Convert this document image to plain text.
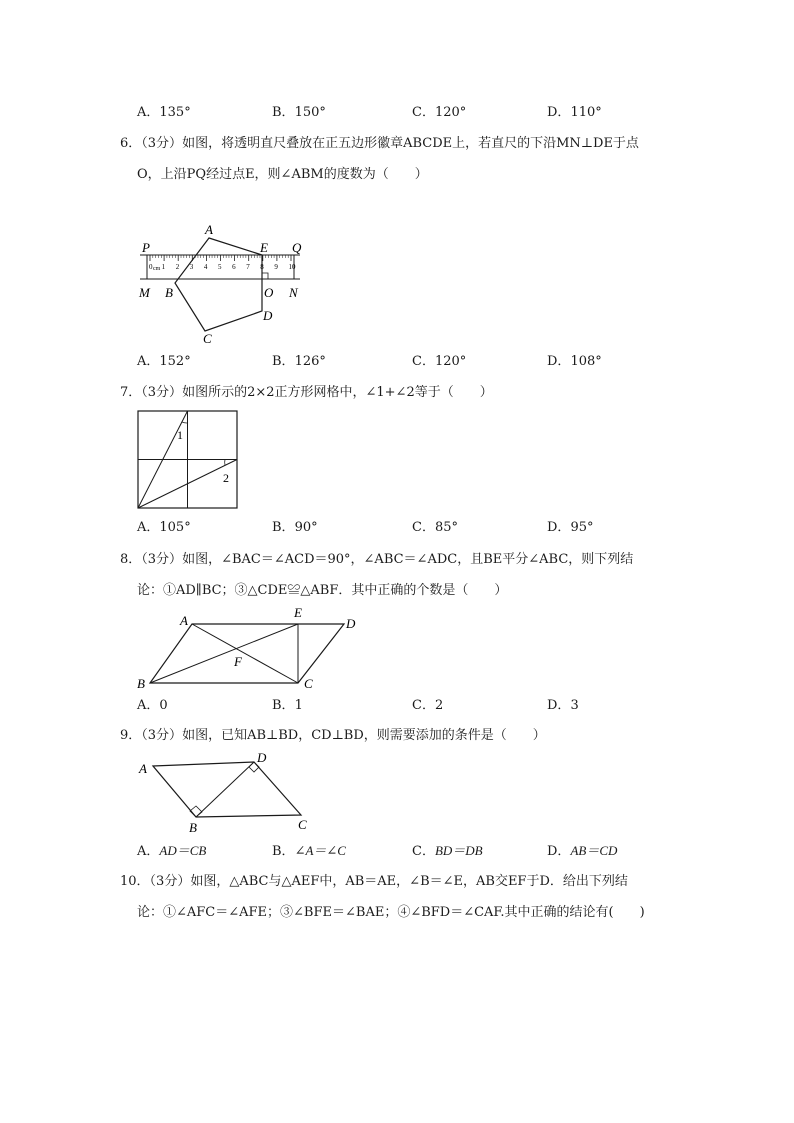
A．135°	B．150°	C．120°	D．110°
6．（3分）如图，将透明直尺叠放在正五边形徽章ABCDE上，若直尺的下沿MN⊥DE于点
O，上沿PQ经过点E，则∠ABM的度数为（　　）
0 1 2 3 4 5 6 7 8 9 10
cm
A
E
P	Q
M B	O N
C
D
A．152°	B．126°	C．120°	D．108°
7．（3分）如图所示的2×2正方形网格中，∠1+∠2等于（　　）
1
2
A．105°	B．90°	C．85°	D．95°
8．（3分）如图，∠BAC＝∠ACD＝90°，∠ABC＝∠ADC，且BE平分∠ABC，则下列结
论：①AD∥BC；③△CDE≌△ABF．其中正确的个数是（　　）
A
E
D
F
B	C
A．0	B．1	C．2	D．3
9．（3分）如图，已知AB⊥BD，CD⊥BD，则需要添加的条件是（　　）
A
D
B	C
A．AD＝CB	B．∠A＝∠C	C．BD＝DB	D．AB＝CD
10．（3分）如图，△ABC与△AEF中，AB＝AE，∠B＝∠E，AB交EF于D．给出下列结
论：①∠AFC＝∠AFE；③∠BFE＝∠BAE；④∠BFD＝∠CAF.其中正确的结论有(　　)
